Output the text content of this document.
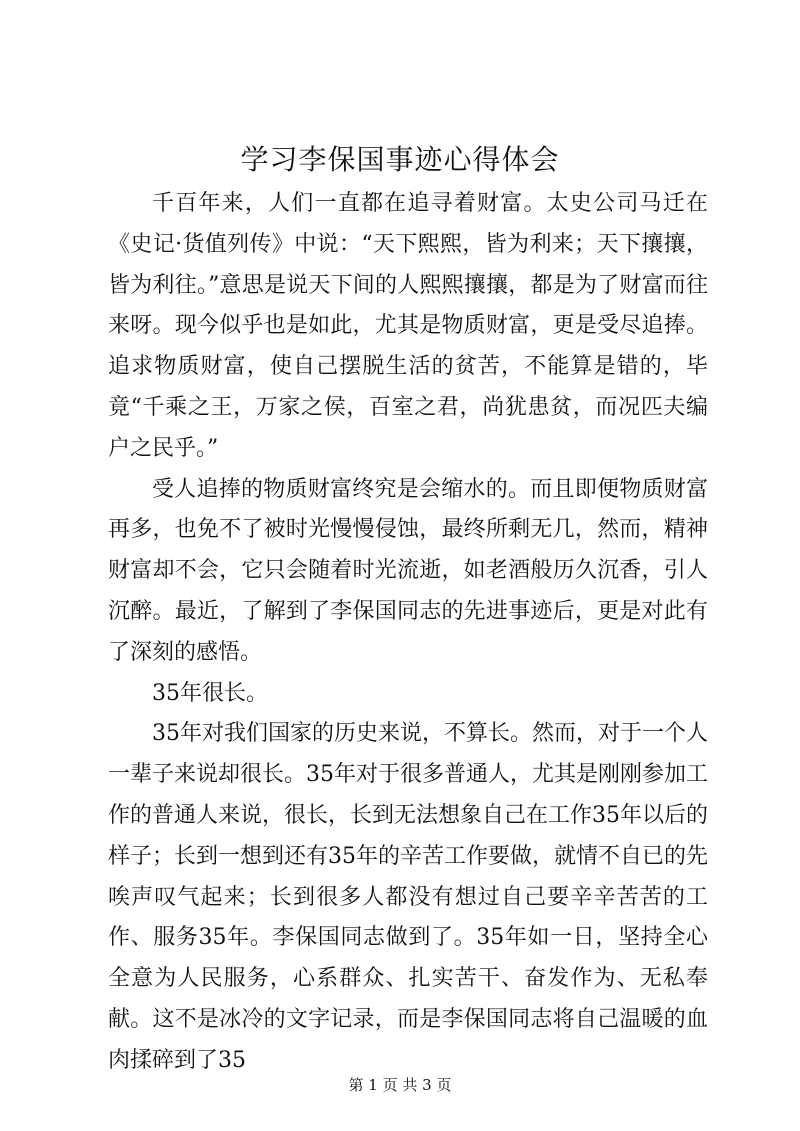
学习李保国事迹心得体会

千百年来，人们一直都在追寻着财富。太史公司马迁在《史记·货值列传》中说：“天下熙熙，皆为利来；天下攘攘，皆为利往。”意思是说天下间的人熙熙攘攘，都是为了财富而往来呀。现今似乎也是如此，尤其是物质财富，更是受尽追捧。追求物质财富，使自己摆脱生活的贫苦，不能算是错的，毕竟“千乘之王，万家之侯，百室之君，尚犹患贫，而况匹夫编户之民乎。”

受人追捧的物质财富终究是会缩水的。而且即便物质财富再多，也免不了被时光慢慢侵蚀，最终所剩无几，然而，精神财富却不会，它只会随着时光流逝，如老酒般历久沉香，引人沉醉。最近，了解到了李保国同志的先进事迹后，更是对此有了深刻的感悟。

35年很长。

35年对我们国家的历史来说，不算长。然而，对于一个人一辈子来说却很长。35年对于很多普通人，尤其是刚刚参加工作的普通人来说，很长，长到无法想象自己在工作35年以后的样子；长到一想到还有35年的辛苦工作要做，就情不自已的先唉声叹气起来；长到很多人都没有想过自己要辛辛苦苦的工作、服务35年。李保国同志做到了。35年如一日，坚持全心全意为人民服务，心系群众、扎实苦干、奋发作为、无私奉献。这不是冰冷的文字记录，而是李保国同志将自己温暖的血肉揉碎到了35

第 1 页 共 3 页
